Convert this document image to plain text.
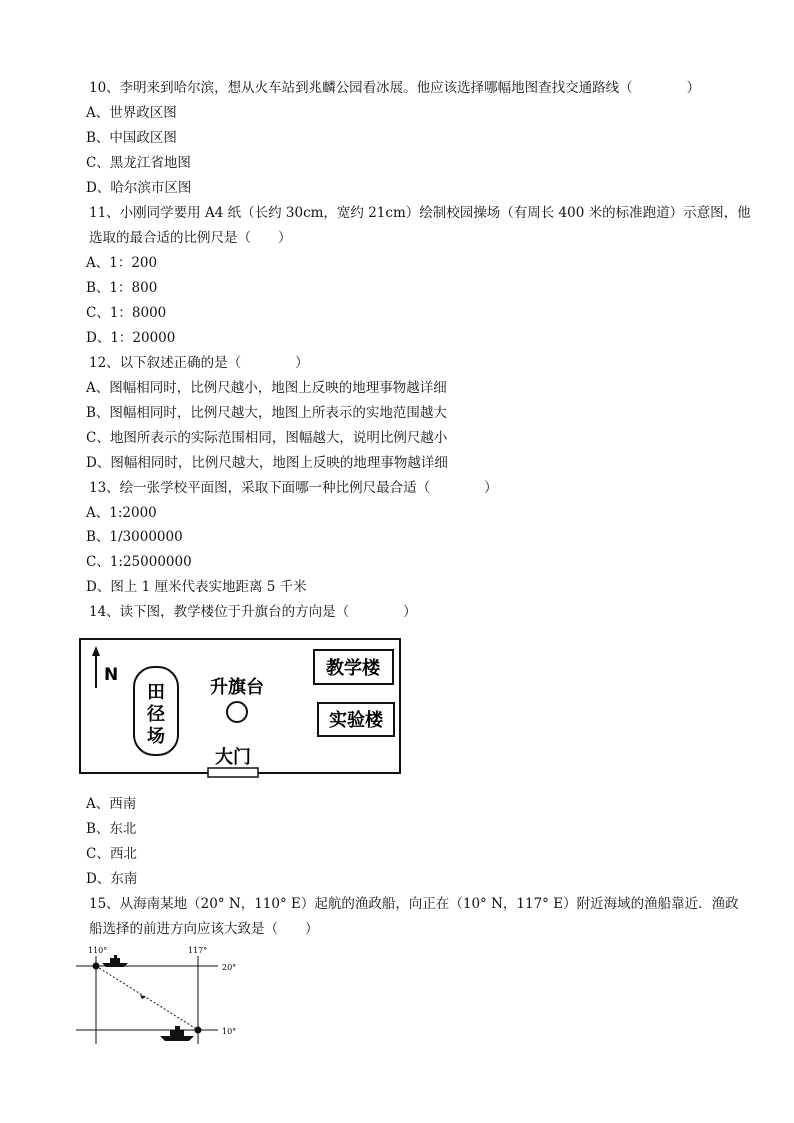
10、李明来到哈尔滨，想从火车站到兆麟公园看冰展。他应该选择哪幅地图查找交通路线（　　　　）
A、世界政区图
B、中国政区图
C、黑龙江省地图
D、哈尔滨市区图
11、小刚同学要用 A4 纸（长约 30cm，宽约 21cm）绘制校园操场（有周长 400 米的标准跑道）示意图，他
选取的最合适的比例尺是（　　）
A、1：200
B、1：800
C、1：8000
D、1：20000
12、以下叙述正确的是（　　　　）
A、图幅相同时，比例尺越小，地图上反映的地理事物越详细
B、图幅相同时，比例尺越大，地图上所表示的实地范围越大
C、地图所表示的实际范围相同，图幅越大，说明比例尺越小
D、图幅相同时，比例尺越大，地图上反映的地理事物越详细
13、绘一张学校平面图，采取下面哪一种比例尺最合适（　　　　）
A、1:2000
B、1/3000000
C、1:25000000
D、图上 1 厘米代表实地距离 5 千米
14、读下图，教学楼位于升旗台的方向是（　　　　）
N
田
径
场
升旗台
教学楼
实验楼
大门
A、西南
B、东北
C、西北
D、东南
15、从海南某地（20° N，110° E）起航的渔政船，向正在（10° N，117° E）附近海域的渔船靠近．渔政
船选择的前进方向应该大致是（　　）
110°	117°
20°
10°
